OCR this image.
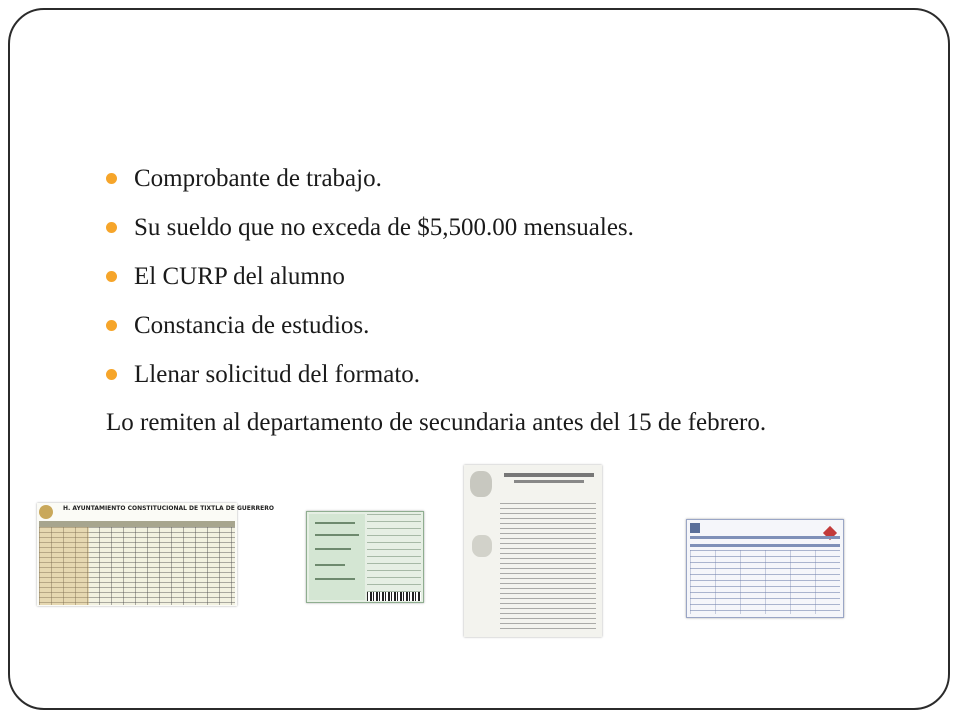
Comprobante de trabajo.
Su sueldo que no exceda de $5,500.00 mensuales.
El CURP del alumno
Constancia de estudios.
Llenar solicitud del formato.
Lo remiten al departamento de secundaria antes del 15 de febrero.
H. AYUNTAMIENTO CONSTITUCIONAL DE TIXTLA DE GUERRERO
